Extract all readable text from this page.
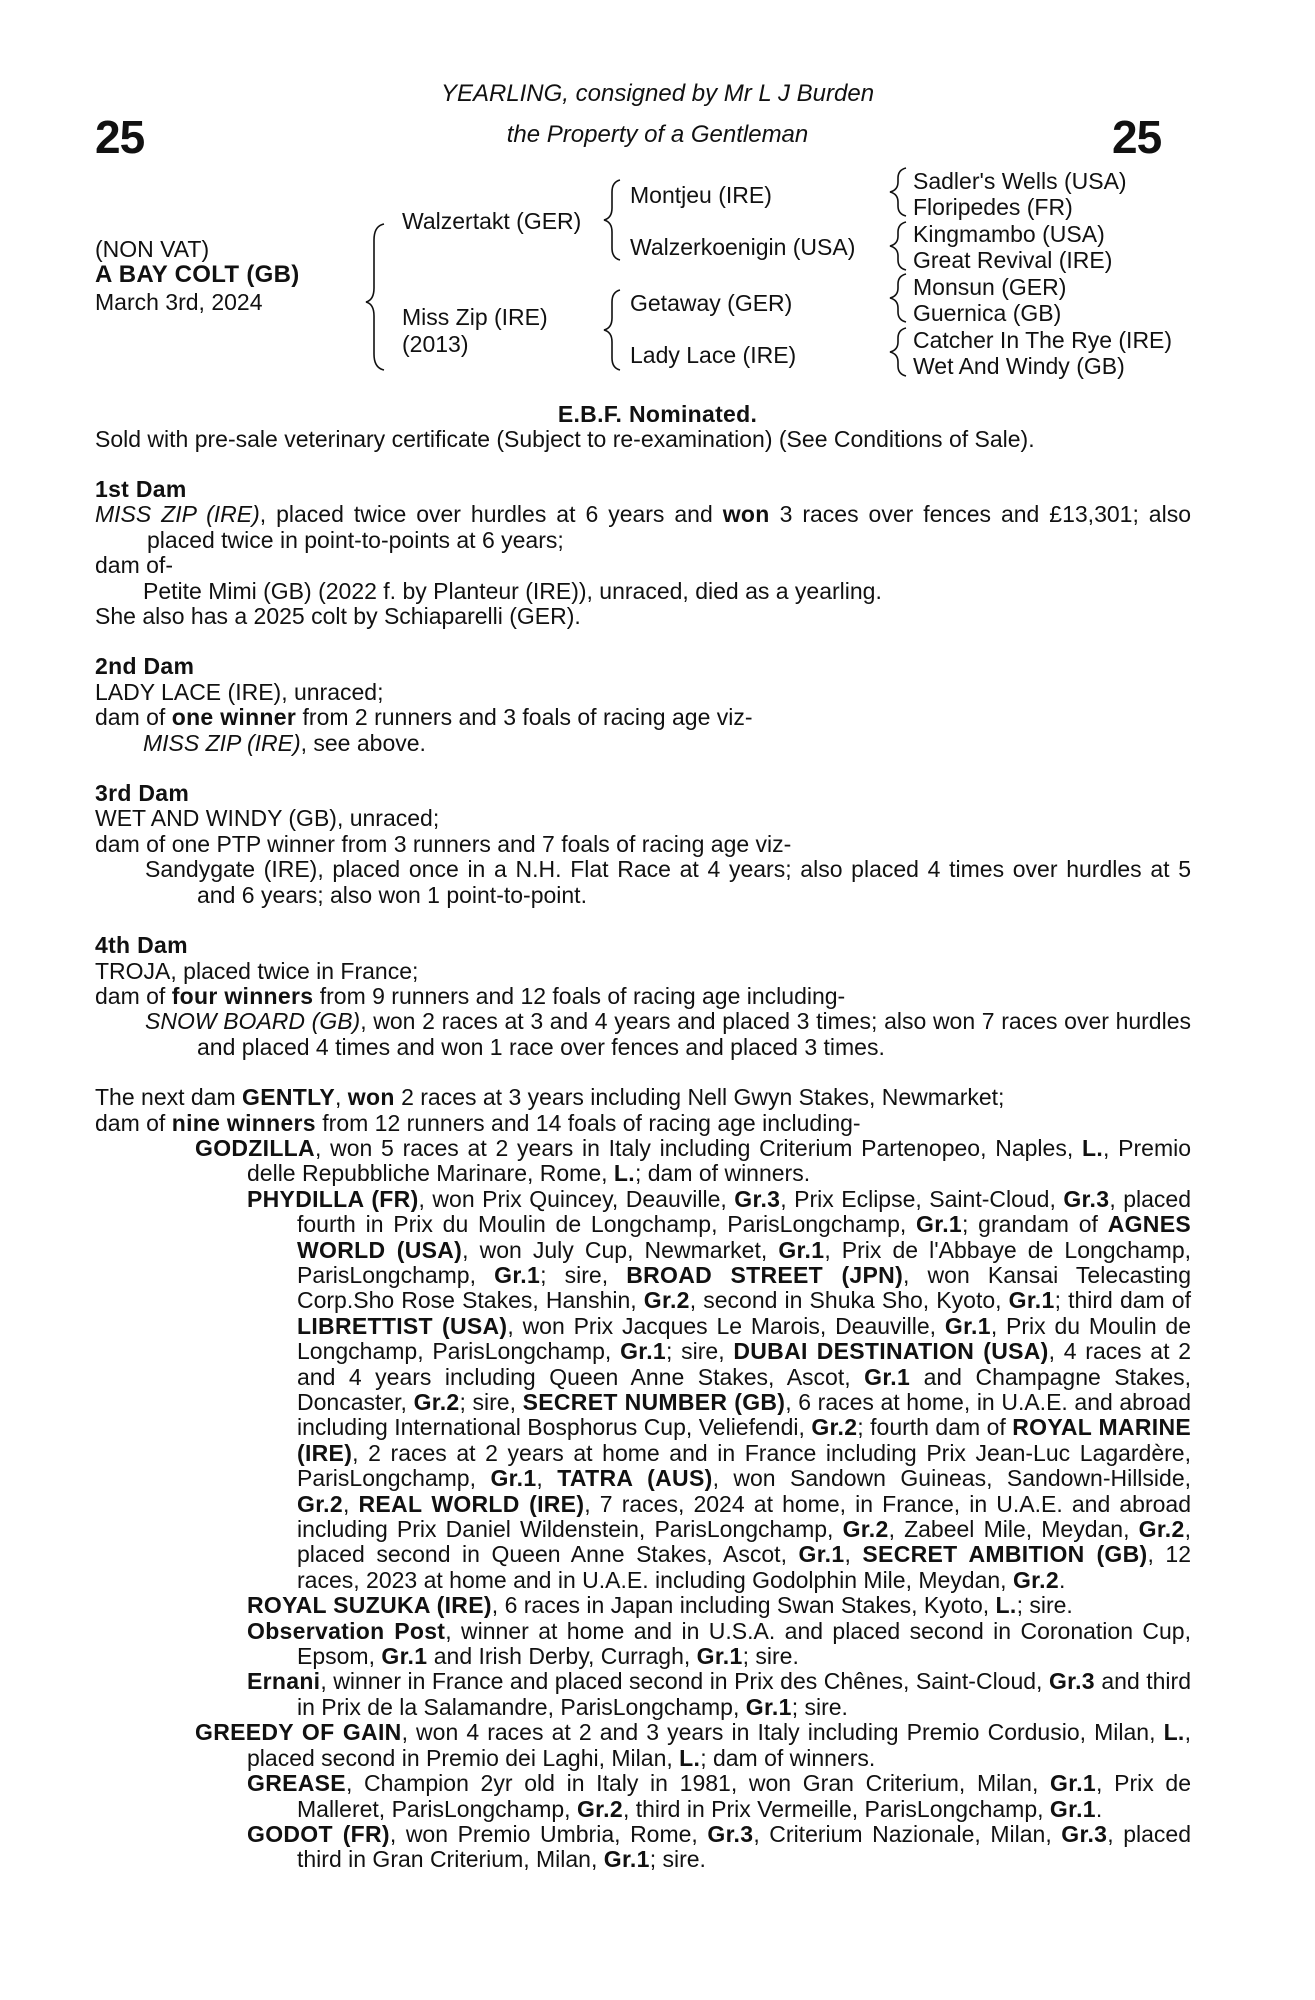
25	25
YEARLING, consigned by Mr L J Burden
the Property of a Gentleman
(NON VAT)
A BAY COLT (GB)
March 3rd, 2024
Walzertakt (GER)
Miss Zip (IRE)
(2013)
Montjeu (IRE)
Walzerkoenigin (USA)
Getaway (GER)
Lady Lace (IRE)
Sadler's Wells (USA)
Floripedes (FR)
Kingmambo (USA)
Great Revival (IRE)
Monsun (GER)
Guernica (GB)
Catcher In The Rye (IRE)
Wet And Windy (GB)
E.B.F. Nominated.
Sold with pre-sale veterinary certificate (Subject to re-examination) (See Conditions of Sale).
1st Dam
MISS ZIP (IRE), placed twice over hurdles at 6 years and won 3 races over fences and £13,301; also placed twice in point-to-points at 6 years;
dam of-
Petite Mimi (GB) (2022 f. by Planteur (IRE)), unraced, died as a yearling.
She also has a 2025 colt by Schiaparelli (GER).
2nd Dam
LADY LACE (IRE), unraced;
dam of one winner from 2 runners and 3 foals of racing age viz-
MISS ZIP (IRE), see above.
3rd Dam
WET AND WINDY (GB), unraced;
dam of one PTP winner from 3 runners and 7 foals of racing age viz-
Sandygate (IRE), placed once in a N.H. Flat Race at 4 years; also placed 4 times over hurdles at 5 and 6 years; also won 1 point-to-point.
4th Dam
TROJA, placed twice in France;
dam of four winners from 9 runners and 12 foals of racing age including-
SNOW BOARD (GB), won 2 races at 3 and 4 years and placed 3 times; also won 7 races over hurdles and placed 4 times and won 1 race over fences and placed 3 times.
The next dam GENTLY, won 2 races at 3 years including Nell Gwyn Stakes, Newmarket;
dam of nine winners from 12 runners and 14 foals of racing age including-
GODZILLA, won 5 races at 2 years in Italy including Criterium Partenopeo, Naples, L., Premio delle Repubbliche Marinare, Rome, L.; dam of winners.
PHYDILLA (FR), won Prix Quincey, Deauville, Gr.3, Prix Eclipse, Saint-Cloud, Gr.3, placed fourth in Prix du Moulin de Longchamp, ParisLongchamp, Gr.1; grandam of AGNES WORLD (USA), won July Cup, Newmarket, Gr.1, Prix de l'Abbaye de Longchamp, ParisLongchamp, Gr.1; sire, BROAD STREET (JPN), won Kansai Telecasting Corp.Sho Rose Stakes, Hanshin, Gr.2, second in Shuka Sho, Kyoto, Gr.1; third dam of LIBRETTIST (USA), won Prix Jacques Le Marois, Deauville, Gr.1, Prix du Moulin de Longchamp, ParisLongchamp, Gr.1; sire, DUBAI DESTINATION (USA), 4 races at 2 and 4 years including Queen Anne Stakes, Ascot, Gr.1 and Champagne Stakes, Doncaster, Gr.2; sire, SECRET NUMBER (GB), 6 races at home, in U.A.E. and abroad including International Bosphorus Cup, Veliefendi, Gr.2; fourth dam of ROYAL MARINE (IRE), 2 races at 2 years at home and in France including Prix Jean-Luc Lagardère, ParisLongchamp, Gr.1, TATRA (AUS), won Sandown Guineas, Sandown-Hillside, Gr.2, REAL WORLD (IRE), 7 races, 2024 at home, in France, in U.A.E. and abroad including Prix Daniel Wildenstein, ParisLongchamp, Gr.2, Zabeel Mile, Meydan, Gr.2, placed second in Queen Anne Stakes, Ascot, Gr.1, SECRET AMBITION (GB), 12 races, 2023 at home and in U.A.E. including Godolphin Mile, Meydan, Gr.2.
ROYAL SUZUKA (IRE), 6 races in Japan including Swan Stakes, Kyoto, L.; sire.
Observation Post, winner at home and in U.S.A. and placed second in Coronation Cup, Epsom, Gr.1 and Irish Derby, Curragh, Gr.1; sire.
Ernani, winner in France and placed second in Prix des Chênes, Saint-Cloud, Gr.3 and third in Prix de la Salamandre, ParisLongchamp, Gr.1; sire.
GREEDY OF GAIN, won 4 races at 2 and 3 years in Italy including Premio Cordusio, Milan, L., placed second in Premio dei Laghi, Milan, L.; dam of winners.
GREASE, Champion 2yr old in Italy in 1981, won Gran Criterium, Milan, Gr.1, Prix de Malleret, ParisLongchamp, Gr.2, third in Prix Vermeille, ParisLongchamp, Gr.1.
GODOT (FR), won Premio Umbria, Rome, Gr.3, Criterium Nazionale, Milan, Gr.3, placed third in Gran Criterium, Milan, Gr.1; sire.
